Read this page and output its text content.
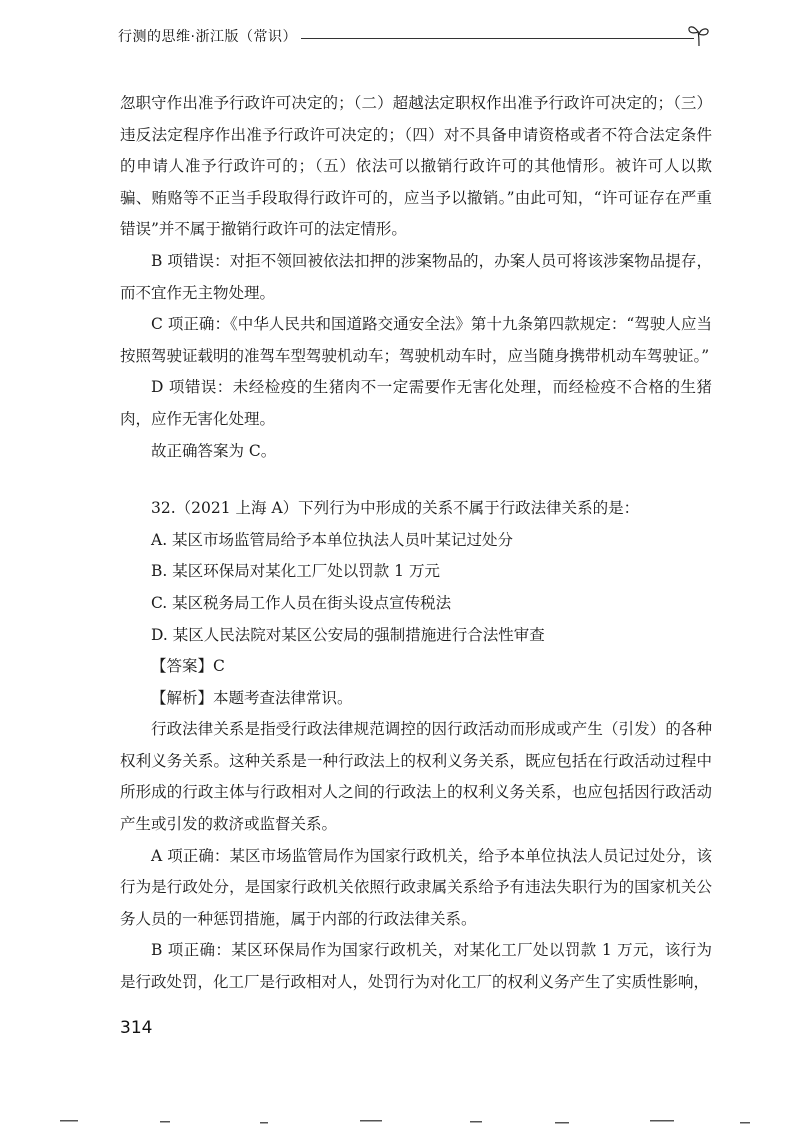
行测的思维·浙江版（常识）

忽职守作出准予行政许可决定的；（二）超越法定职权作出准予行政许可决定的；（三）违反法定程序作出准予行政许可决定的；（四）对不具备申请资格或者不符合法定条件的申请人准予行政许可的；（五）依法可以撤销行政许可的其他情形。被许可人以欺骗、贿赂等不正当手段取得行政许可的，应当予以撤销。”由此可知，“许可证存在严重错误”并不属于撤销行政许可的法定情形。

B 项错误：对拒不领回被依法扣押的涉案物品的，办案人员可将该涉案物品提存，而不宜作无主物处理。

C 项正确：《中华人民共和国道路交通安全法》第十九条第四款规定：“驾驶人应当按照驾驶证载明的准驾车型驾驶机动车；驾驶机动车时，应当随身携带机动车驾驶证。”

D 项错误：未经检疫的生猪肉不一定需要作无害化处理，而经检疫不合格的生猪肉，应作无害化处理。

故正确答案为 C。

32.（2021 上海 A）下列行为中形成的关系不属于行政法律关系的是：

A. 某区市场监管局给予本单位执法人员叶某记过处分

B. 某区环保局对某化工厂处以罚款 1 万元

C. 某区税务局工作人员在街头设点宣传税法

D. 某区人民法院对某区公安局的强制措施进行合法性审查

【答案】C

【解析】本题考查法律常识。

行政法律关系是指受行政法律规范调控的因行政活动而形成或产生（引发）的各种权利义务关系。这种关系是一种行政法上的权利义务关系，既应包括在行政活动过程中所形成的行政主体与行政相对人之间的行政法上的权利义务关系，也应包括因行政活动产生或引发的救济或监督关系。

A 项正确：某区市场监管局作为国家行政机关，给予本单位执法人员记过处分，该行为是行政处分，是国家行政机关依照行政隶属关系给予有违法失职行为的国家机关公务人员的一种惩罚措施，属于内部的行政法律关系。

B 项正确：某区环保局作为国家行政机关，对某化工厂处以罚款 1 万元，该行为是行政处罚，化工厂是行政相对人，处罚行为对化工厂的权利义务产生了实质性影响，

314
